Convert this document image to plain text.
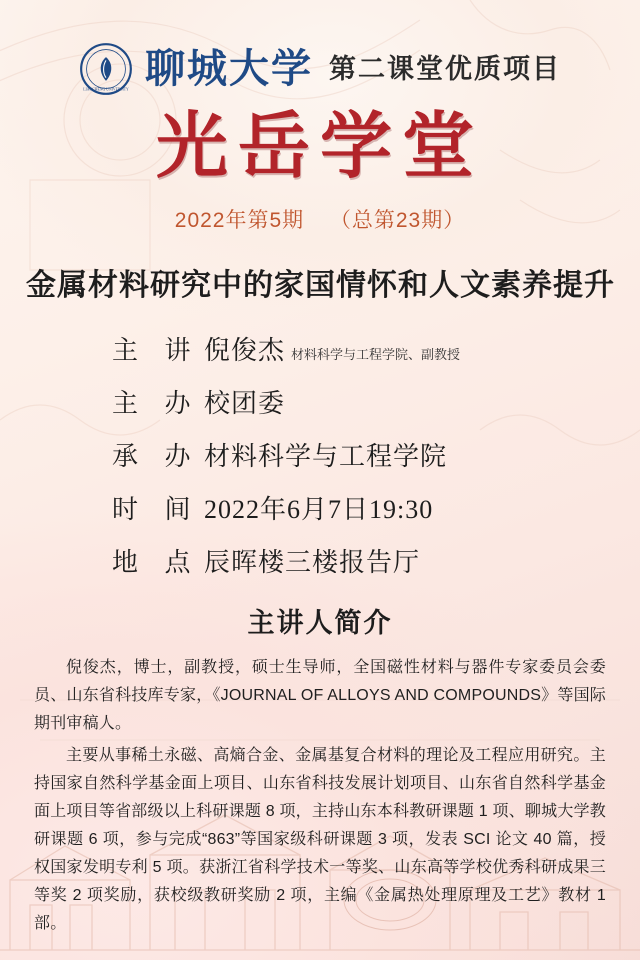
LIAOCHENG UNIVERSITY 聊城大学 第二课堂优质项目
光岳学堂
2022年第5期 （总第23期）
金属材料研究中的家国情怀和人文素养提升
主 讲 倪俊杰 材料科学与工程学院、副教授
主 办 校团委
承 办 材料科学与工程学院
时 间 2022年6月7日19:30
地 点 辰晖楼三楼报告厅
主讲人简介

倪俊杰，博士，副教授，硕士生导师，全国磁性材料与器件专家委员会委员、山东省科技库专家，《JOURNAL OF ALLOYS AND COMPOUNDS》等国际期刊审稿人。

主要从事稀土永磁、高熵合金、金属基复合材料的理论及工程应用研究。主持国家自然科学基金面上项目、山东省科技发展计划项目、山东省自然科学基金面上项目等省部级以上科研课题 8 项，主持山东本科教研课题 1 项、聊城大学教研课题 6 项，参与完成“863”等国家级科研课题 3 项，发表 SCI 论文 40 篇，授权国家发明专利 5 项。获浙江省科学技术一等奖、山东高等学校优秀科研成果三等奖 2 项奖励，获校级教研奖励 2 项，主编《金属热处理原理及工艺》教材 1 部。
